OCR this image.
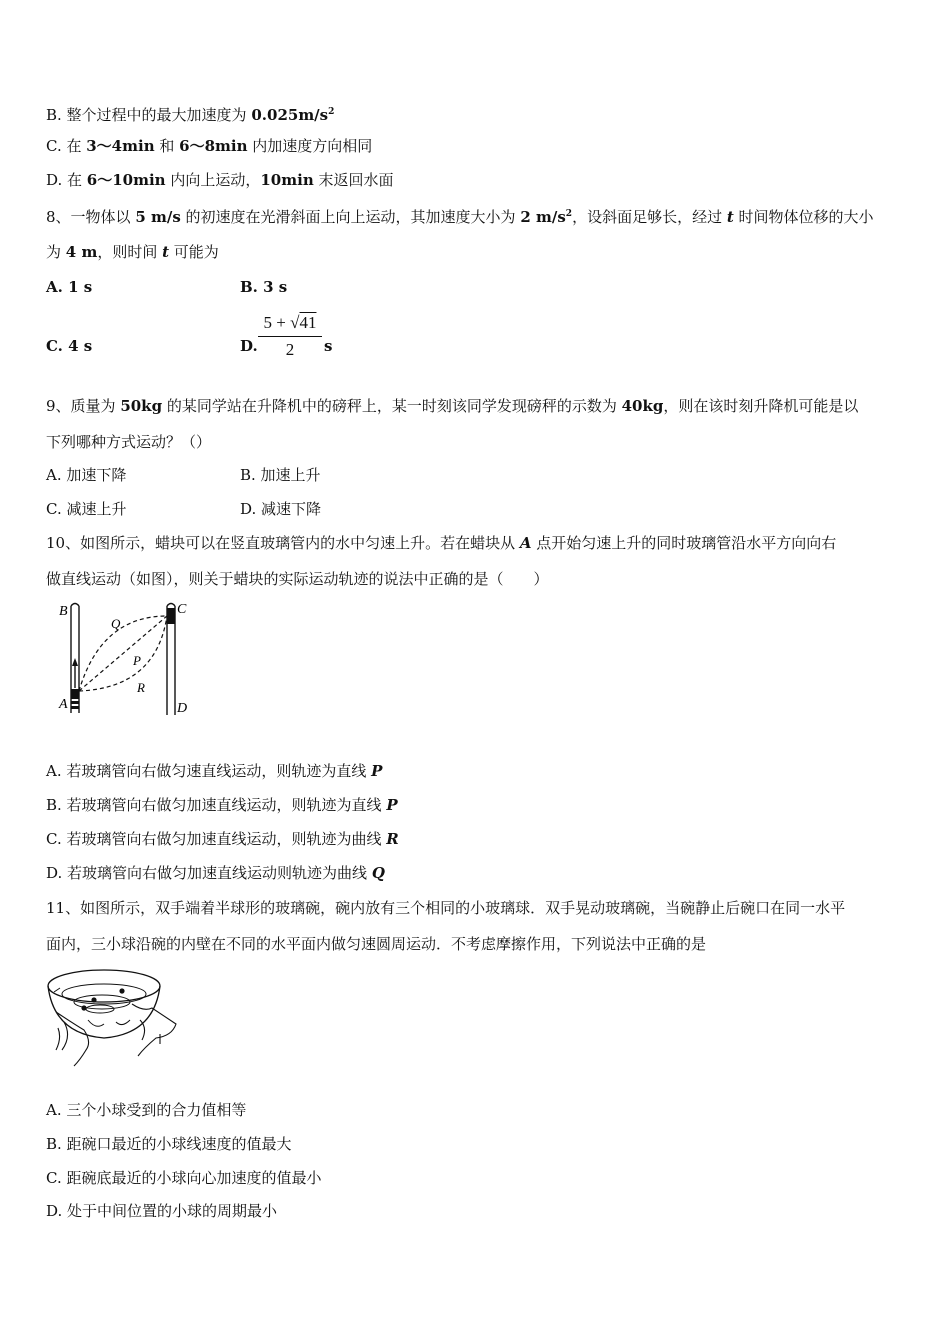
B. 整个过程中的最大加速度为 $0.025m/s^2$
C. 在 3～4min 和 6～8min 内加速度方向相同
D. 在 6～10min 内向上运动，10min 末返回水面
8、一物体以 5 m/s 的初速度在光滑斜面上向上运动，其加速度大小为 2 $m/s^2$，设斜面足够长，经过 t 时间物体位移的大小
为 4 m，则时间 t 可能为
A. 1 s	B. 3 s
C. 4 s	D.
5 + √41
2	s
9、质量为 50kg 的某同学站在升降机中的磅秤上，某一时刻该同学发现磅秤的示数为 40kg，则在该时刻升降机可能是以
下列哪种方式运动？（）
A. 加速下降	B. 加速上升
C. 减速上升	D. 减速下降
10、如图所示，蜡块可以在竖直玻璃管内的水中匀速上升。若在蜡块从 A 点开始匀速上升的同时玻璃管沿水平方向向右
做直线运动（如图），则关于蜡块的实际运动轨迹的说法中正确的是（　　）
B	C
Q
P
R
A	D
A. 若玻璃管向右做匀速直线运动，则轨迹为直线 P
B. 若玻璃管向右做匀加速直线运动，则轨迹为直线 P
C. 若玻璃管向右做匀加速直线运动，则轨迹为曲线 R
D. 若玻璃管向右做匀加速直线运动则轨迹为曲线 Q
11、如图所示，双手端着半球形的玻璃碗，碗内放有三个相同的小玻璃球．双手晃动玻璃碗，当碗静止后碗口在同一水平
面内，三小球沿碗的内壁在不同的水平面内做匀速圆周运动．不考虑摩擦作用，下列说法中正确的是
A. 三个小球受到的合力值相等
B. 距碗口最近的小球线速度的值最大
C. 距碗底最近的小球向心加速度的值最小
D. 处于中间位置的小球的周期最小
